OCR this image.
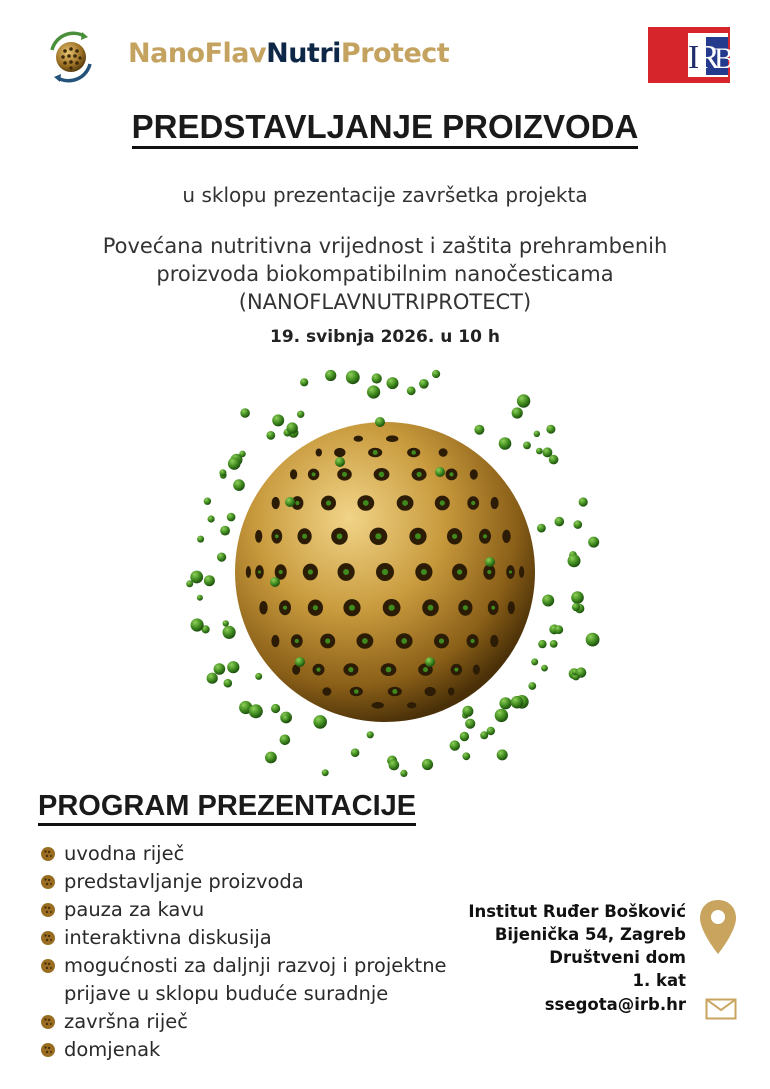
NanoFlavNutriProtect	I
R
B
PREDSTAVLJANJE PROIZVODA
u sklopu prezentacije završetka projekta
Povećana nutritivna vrijednost i zaštita prehrambenih
proizvoda biokompatibilnim nanočesticama
(NANOFLAVNUTRIPROTECT)
19. svibnja 2026. u 10 h
PROGRAM PREZENTACIJE
uvodna riječ
predstavljanje proizvoda
pauza za kavu
interaktivna diskusija
mogućnosti za daljnji razvoj i projektne prijave u sklopu buduće suradnje
završna riječ
domjenak
Institut Ruđer Bošković
Bijenička 54, Zagreb
Društveni dom
1. kat
ssegota@irb.hr
